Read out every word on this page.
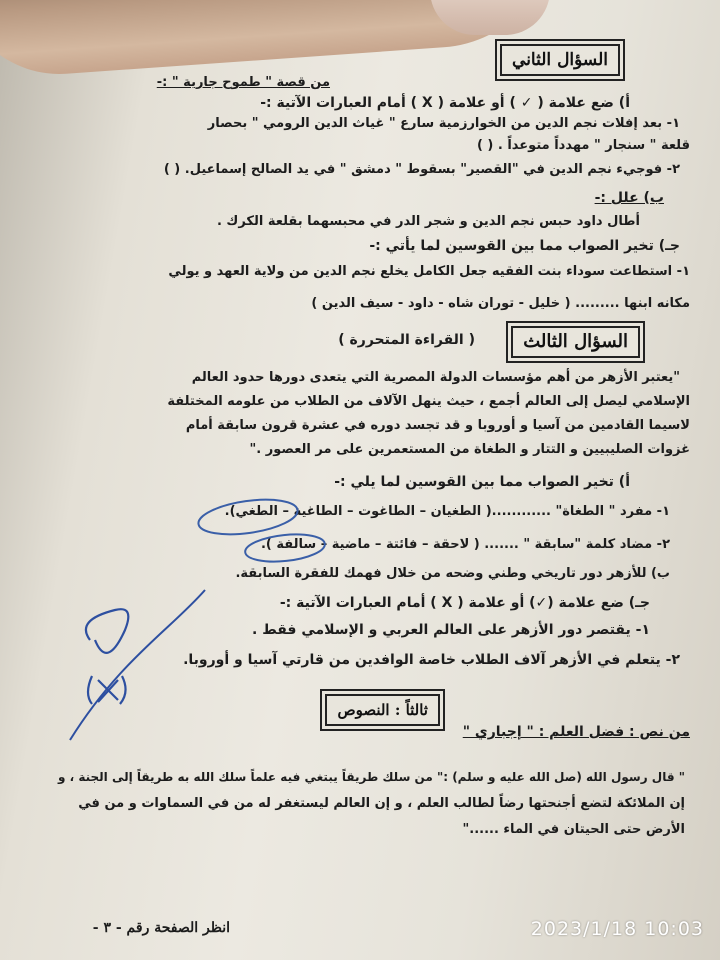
السؤال الثاني
من قصة " طموح جارية " :-
أ) ضع علامة ( ✓ ) أو علامة ( X ) أمام العبارات الآتية :-
١- بعد إفلات نجم الدين من الخوارزمية سارع " غياث الدين الرومي " بحصار
قلعة " سنجار " مهدداً متوعداً . ( )
٢- فوجيء نجم الدين في "القصير" بسقوط " دمشق " في يد الصالح إسماعيل. ( )
ب) علل :-
أطال داود حبس نجم الدين و شجر الدر في محبسهما بقلعة الكرك .
جـ) تخير الصواب مما بين القوسين لما يأتي :-
١- استطاعت سوداء بنت الفقيه جعل الكامل يخلع نجم الدين من ولاية العهد و يولي
مكانه ابنها ......... ( خليل - توران شاه - داود - سيف الدين )
السؤال الثالث
( القراءة المتحررة )
"يعتبر الأزهر من أهم مؤسسات الدولة المصرية التي يتعدى دورها حدود العالم
الإسلامي ليصل إلى العالم أجمع ، حيث ينهل الآلاف من الطلاب من علومه المختلفة
لاسيما القادمين من آسيا و أوروبا و قد تجسد دوره في عشرة قرون سابقة أمام
غزوات الصليبيين و التتار و الطغاة من المستعمرين على مر العصور ."
أ) تخير الصواب مما بين القوسين لما يلي :-
١- مفرد " الطغاة" ............( الطغيان – الطاغوت – الطاغية – الطغي).
٢- مضاد كلمة "سابقة " ....... ( لاحقة – فائتة – ماضية – سالفة ).
ب) للأزهر دور تاريخي وطني وضحه من خلال فهمك للفقرة السابقة.
جـ) ضع علامة (✓) أو علامة ( X ) أمام العبارات الآتية :-
١- يقتصر دور الأزهر على العالم العربي و الإسلامي فقط .
٢- يتعلم في الأزهر آلاف الطلاب خاصة الوافدين من قارتي آسيا و أوروبا.
ثالثاً : النصوص
من نص : فضل العلم : " إجباري "
" قال رسول الله (صل الله عليه و سلم) :" من سلك طريقاً يبتغي فيه علماً سلك الله به طريقاً إلى الجنة ، و
إن الملائكة لتضع أجنحتها رضاً لطالب العلم ، و إن العالم ليستغفر له من في السماوات و من في
الأرض حتى الحيتان في الماء ......"
انظر الصفحة رقم - ٣ -	2023/1/18 10:03
